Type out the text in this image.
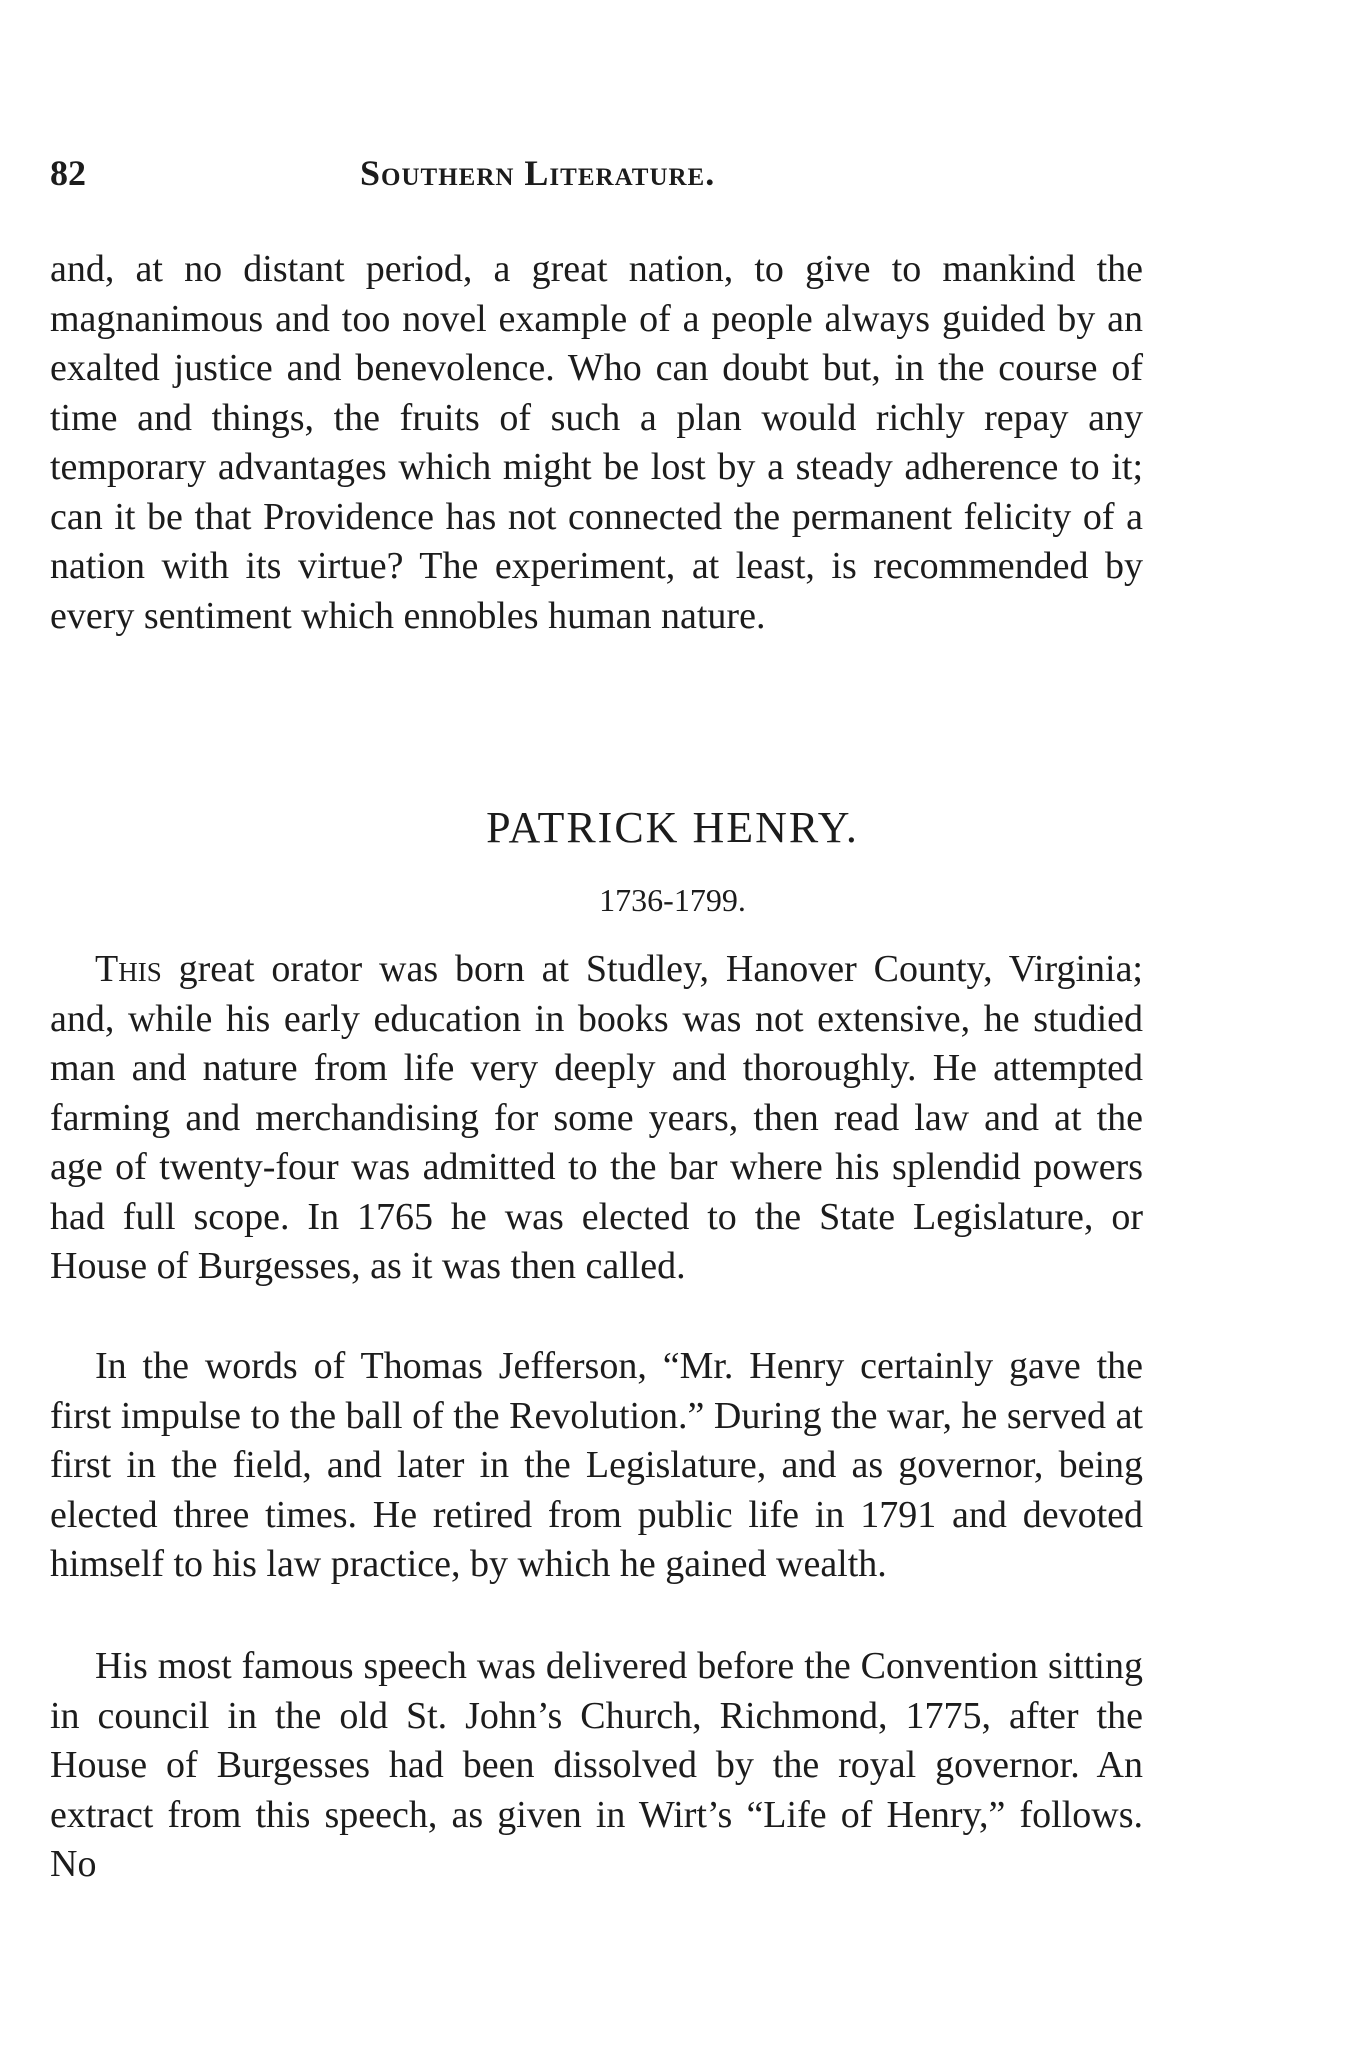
82	Southern Literature.

and, at no distant period, a great nation, to give to mankind the magnanimous and too novel example of a people always guided by an exalted justice and benevolence. Who can doubt but, in the course of time and things, the fruits of such a plan would richly repay any temporary advantages which might be lost by a steady adherence to it; can it be that Providence has not connected the permanent felicity of a nation with its virtue? The experiment, at least, is recommended by every sentiment which ennobles human nature.

PATRICK HENRY.

1736-1799.

This great orator was born at Studley, Hanover County, Virginia; and, while his early education in books was not extensive, he studied man and nature from life very deeply and thoroughly. He attempted farming and merchandising for some years, then read law and at the age of twenty-four was admitted to the bar where his splendid powers had full scope. In 1765 he was elected to the State Legislature, or House of Burgesses, as it was then called.

In the words of Thomas Jefferson, “Mr. Henry certainly gave the first impulse to the ball of the Revolution.” During the war, he served at first in the field, and later in the Legislature, and as governor, being elected three times. He retired from public life in 1791 and devoted himself to his law practice, by which he gained wealth.

His most famous speech was delivered before the Convention sitting in council in the old St. John’s Church, Richmond, 1775, after the House of Burgesses had been dissolved by the royal governor. An extract from this speech, as given in Wirt’s “Life of Henry,” follows. No
